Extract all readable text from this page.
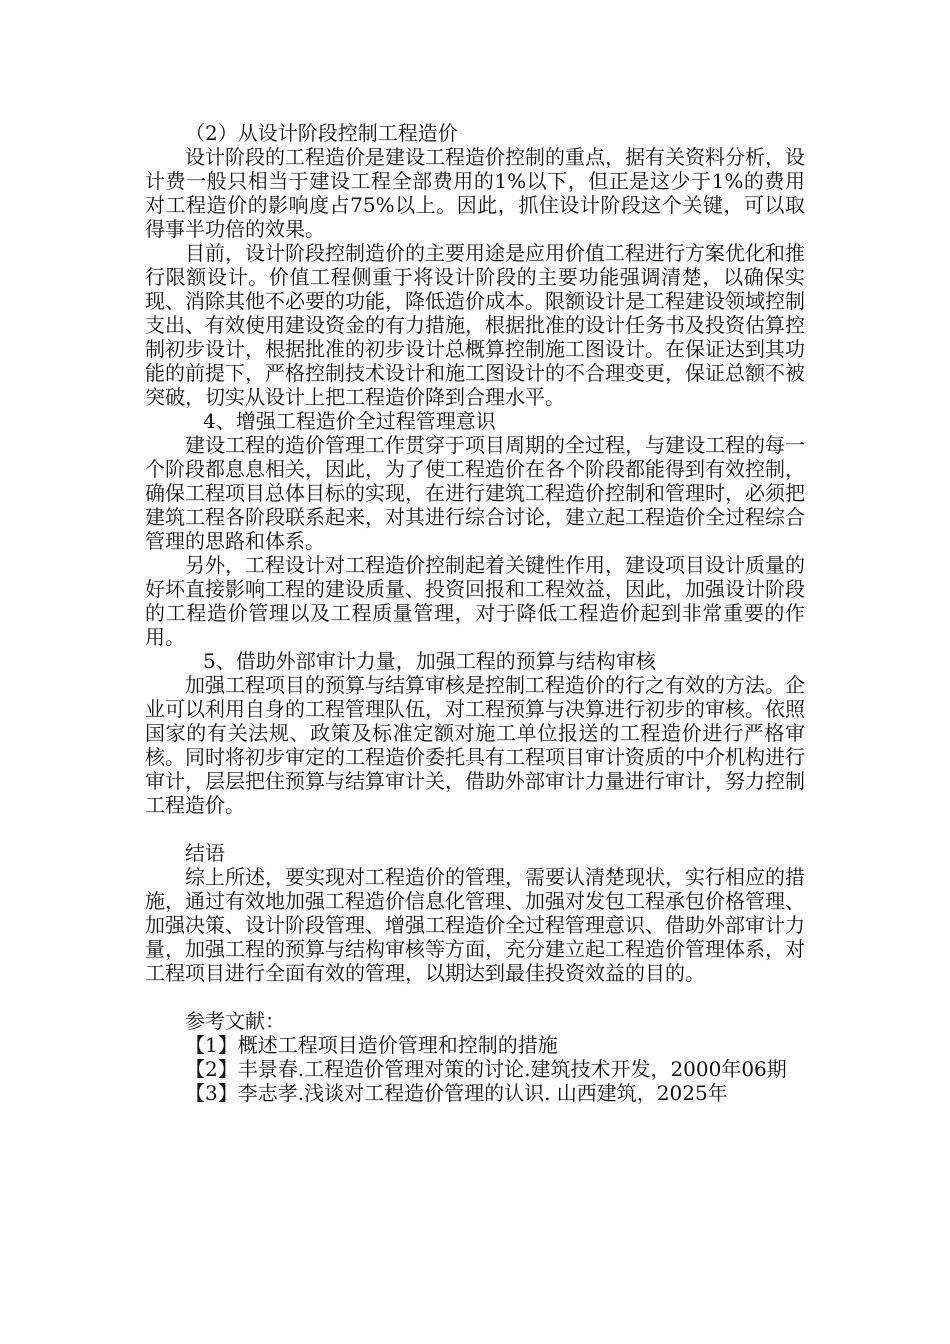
（2）从设计阶段控制工程造价

设计阶段的工程造价是建设工程造价控制的重点，据有关资料分析，设计费一般只相当于建设工程全部费用的1%以下，但正是这少于1%的费用对工程造价的影响度占75%以上。因此，抓住设计阶段这个关键，可以取得事半功倍的效果。

目前，设计阶段控制造价的主要用途是应用价值工程进行方案优化和推行限额设计。价值工程侧重于将设计阶段的主要功能强调清楚，以确保实现、消除其他不必要的功能，降低造价成本。限额设计是工程建设领域控制支出、有效使用建设资金的有力措施，根据批准的设计任务书及投资估算控制初步设计，根据批准的初步设计总概算控制施工图设计。在保证达到其功能的前提下，严格控制技术设计和施工图设计的不合理变更，保证总额不被突破，切实从设计上把工程造价降到合理水平。

4、增强工程造价全过程管理意识

建设工程的造价管理工作贯穿于项目周期的全过程，与建设工程的每一个阶段都息息相关，因此，为了使工程造价在各个阶段都能得到有效控制，确保工程项目总体目标的实现，在进行建筑工程造价控制和管理时，必须把建筑工程各阶段联系起来，对其进行综合讨论，建立起工程造价全过程综合管理的思路和体系。

另外，工程设计对工程造价控制起着关键性作用，建设项目设计质量的好坏直接影响工程的建设质量、投资回报和工程效益，因此，加强设计阶段的工程造价管理以及工程质量管理，对于降低工程造价起到非常重要的作用。

5、借助外部审计力量，加强工程的预算与结构审核

加强工程项目的预算与结算审核是控制工程造价的行之有效的方法。企业可以利用自身的工程管理队伍，对工程预算与决算进行初步的审核。依照国家的有关法规、政策及标准定额对施工单位报送的工程造价进行严格审核。同时将初步审定的工程造价委托具有工程项目审计资质的中介机构进行审计，层层把住预算与结算审计关，借助外部审计力量进行审计，努力控制工程造价。

结语

综上所述，要实现对工程造价的管理，需要认清楚现状，实行相应的措施，通过有效地加强工程造价信息化管理、加强对发包工程承包价格管理、加强决策、设计阶段管理、增强工程造价全过程管理意识、借助外部审计力量，加强工程的预算与结构审核等方面，充分建立起工程造价管理体系，对工程项目进行全面有效的管理，以期达到最佳投资效益的目的。

参考文献：

【1】概述工程项目造价管理和控制的措施

【2】丰景春.工程造价管理对策的讨论.建筑技术开发，2000年06期

【3】李志孝.浅谈对工程造价管理的认识. 山西建筑，2025年
